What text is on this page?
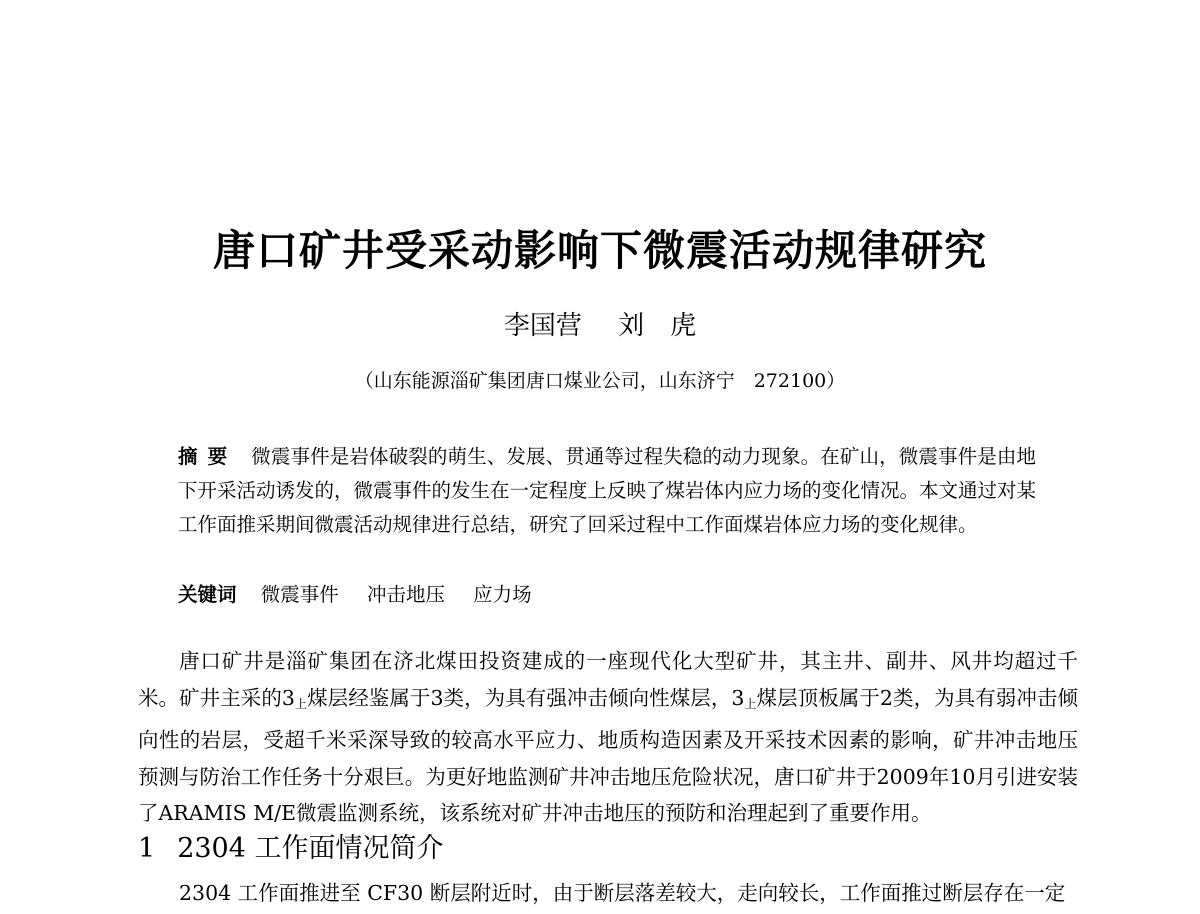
唐口矿井受采动影响下微震活动规律研究
李国营 刘　虎
（山东能源淄矿集团唐口煤业公司，山东济宁　272100）
摘要 微震事件是岩体破裂的萌生、发展、贯通等过程失稳的动力现象。在矿山，微震事件是由地下开采活动诱发的，微震事件的发生在一定程度上反映了煤岩体内应力场的变化情况。本文通过对某工作面推采期间微震活动规律进行总结，研究了回采过程中工作面煤岩体应力场的变化规律。
关键词 微震事件 冲击地压 应力场
唐口矿井是淄矿集团在济北煤田投资建成的一座现代化大型矿井，其主井、副井、风井均超过千米。矿井主采的$3_上$煤层经鉴属于3类，为具有强冲击倾向性煤层，$3_上$煤层顶板属于2类，为具有弱冲击倾向性的岩层，受超千米采深导致的较高水平应力、地质构造因素及开采技术因素的影响，矿井冲击地压预测与防治工作任务十分艰巨。为更好地监测矿井冲击地压危险状况，唐口矿井于2009年10月引进安装了ARAMIS M/E微震监测系统，该系统对矿井冲击地压的预防和治理起到了重要作用。
1 2304 工作面情况简介
2304 工作面推进至 CF30 断层附近时，由于断层落差较大，走向较长，工作面推过断层存在一定
